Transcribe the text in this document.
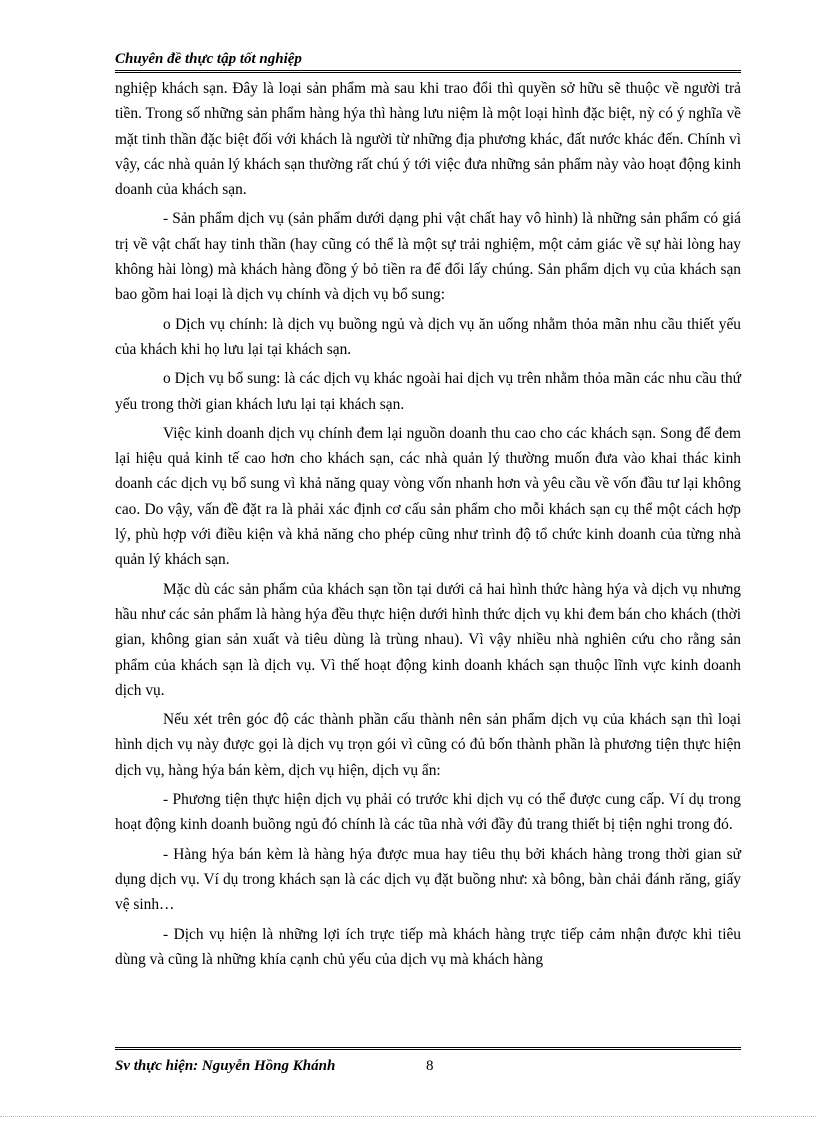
Chuyên đề thực tập tốt nghiệp

nghiệp khách sạn. Đây là loại sản phẩm mà sau khi trao đổi thì quyền sở hữu sẽ thuộc về người trả tiền. Trong số những sản phẩm hàng hýa thì hàng lưu niệm là một loại hình đặc biệt, nỳ có ý nghĩa về mặt tinh thần đặc biệt đối với khách là người từ những địa phương khác, đất nước khác đến. Chính vì vậy, các nhà quản lý khách sạn thường rất chú ý tới việc đưa những sản phẩm này vào hoạt động kinh doanh của khách sạn.

- Sản phẩm dịch vụ (sản phẩm dưới dạng phi vật chất hay vô hình) là những sản phẩm có giá trị về vật chất hay tinh thần (hay cũng có thể là một sự trải nghiệm, một cảm giác về sự hài lòng hay không hài lòng) mà khách hàng đồng ý bỏ tiền ra để đổi lấy chúng. Sản phẩm dịch vụ của khách sạn bao gồm hai loại là dịch vụ chính và dịch vụ bổ sung:

o Dịch vụ chính: là dịch vụ buồng ngủ và dịch vụ ăn uống nhằm thỏa mãn nhu cầu thiết yếu của khách khi họ lưu lại tại khách sạn.

o Dịch vụ bổ sung: là các dịch vụ khác ngoài hai dịch vụ trên nhằm thỏa mãn các nhu cầu thứ yếu trong thời gian khách lưu lại tại khách sạn.

Việc kinh doanh dịch vụ chính đem lại nguồn doanh thu cao cho các khách sạn. Song để đem lại hiệu quả kinh tế cao hơn cho khách sạn, các nhà quản lý thường muốn đưa vào khai thác kinh doanh các dịch vụ bổ sung vì khả năng quay vòng vốn nhanh hơn và yêu cầu về vốn đầu tư lại không cao. Do vậy, vấn đề đặt ra là phải xác định cơ cấu sản phẩm cho mỗi khách sạn cụ thể một cách hợp lý, phù hợp với điều kiện và khả năng cho phép cũng như trình độ tổ chức kinh doanh của từng nhà quản lý khách sạn.

Mặc dù các sản phẩm của khách sạn tồn tại dưới cả hai hình thức hàng hýa và dịch vụ nhưng hầu như các sản phẩm là hàng hýa đều thực hiện dưới hình thức dịch vụ khi đem bán cho khách (thời gian, không gian sản xuất và tiêu dùng là trùng nhau). Vì vậy nhiều nhà nghiên cứu cho rằng sản phẩm của khách sạn là dịch vụ. Vì thế hoạt động kinh doanh khách sạn thuộc lĩnh vực kinh doanh dịch vụ.

Nếu xét trên góc độ các thành phần cấu thành nên sản phẩm dịch vụ của khách sạn thì loại hình dịch vụ này được gọi là dịch vụ trọn gói vì cũng có đủ bốn thành phần là phương tiện thực hiện dịch vụ, hàng hýa bán kèm, dịch vụ hiện, dịch vụ ẩn:

- Phương tiện thực hiện dịch vụ phải có trước khi dịch vụ có thể được cung cấp. Ví dụ trong hoạt động kinh doanh buồng ngủ đó chính là các tũa nhà với đầy đủ trang thiết bị tiện nghi trong đó.

- Hàng hýa bán kèm là hàng hýa được mua hay tiêu thụ bởi khách hàng trong thời gian sử dụng dịch vụ. Ví dụ trong khách sạn là các dịch vụ đặt buồng như: xà bông, bàn chải đánh răng, giấy vệ sinh…

- Dịch vụ hiện là những lợi ích trực tiếp mà khách hàng trực tiếp cảm nhận được khi tiêu dùng và cũng là những khía cạnh chủ yếu của dịch vụ mà khách hàng

Sv thực hiện: Nguyễn Hồng Khánh	8
